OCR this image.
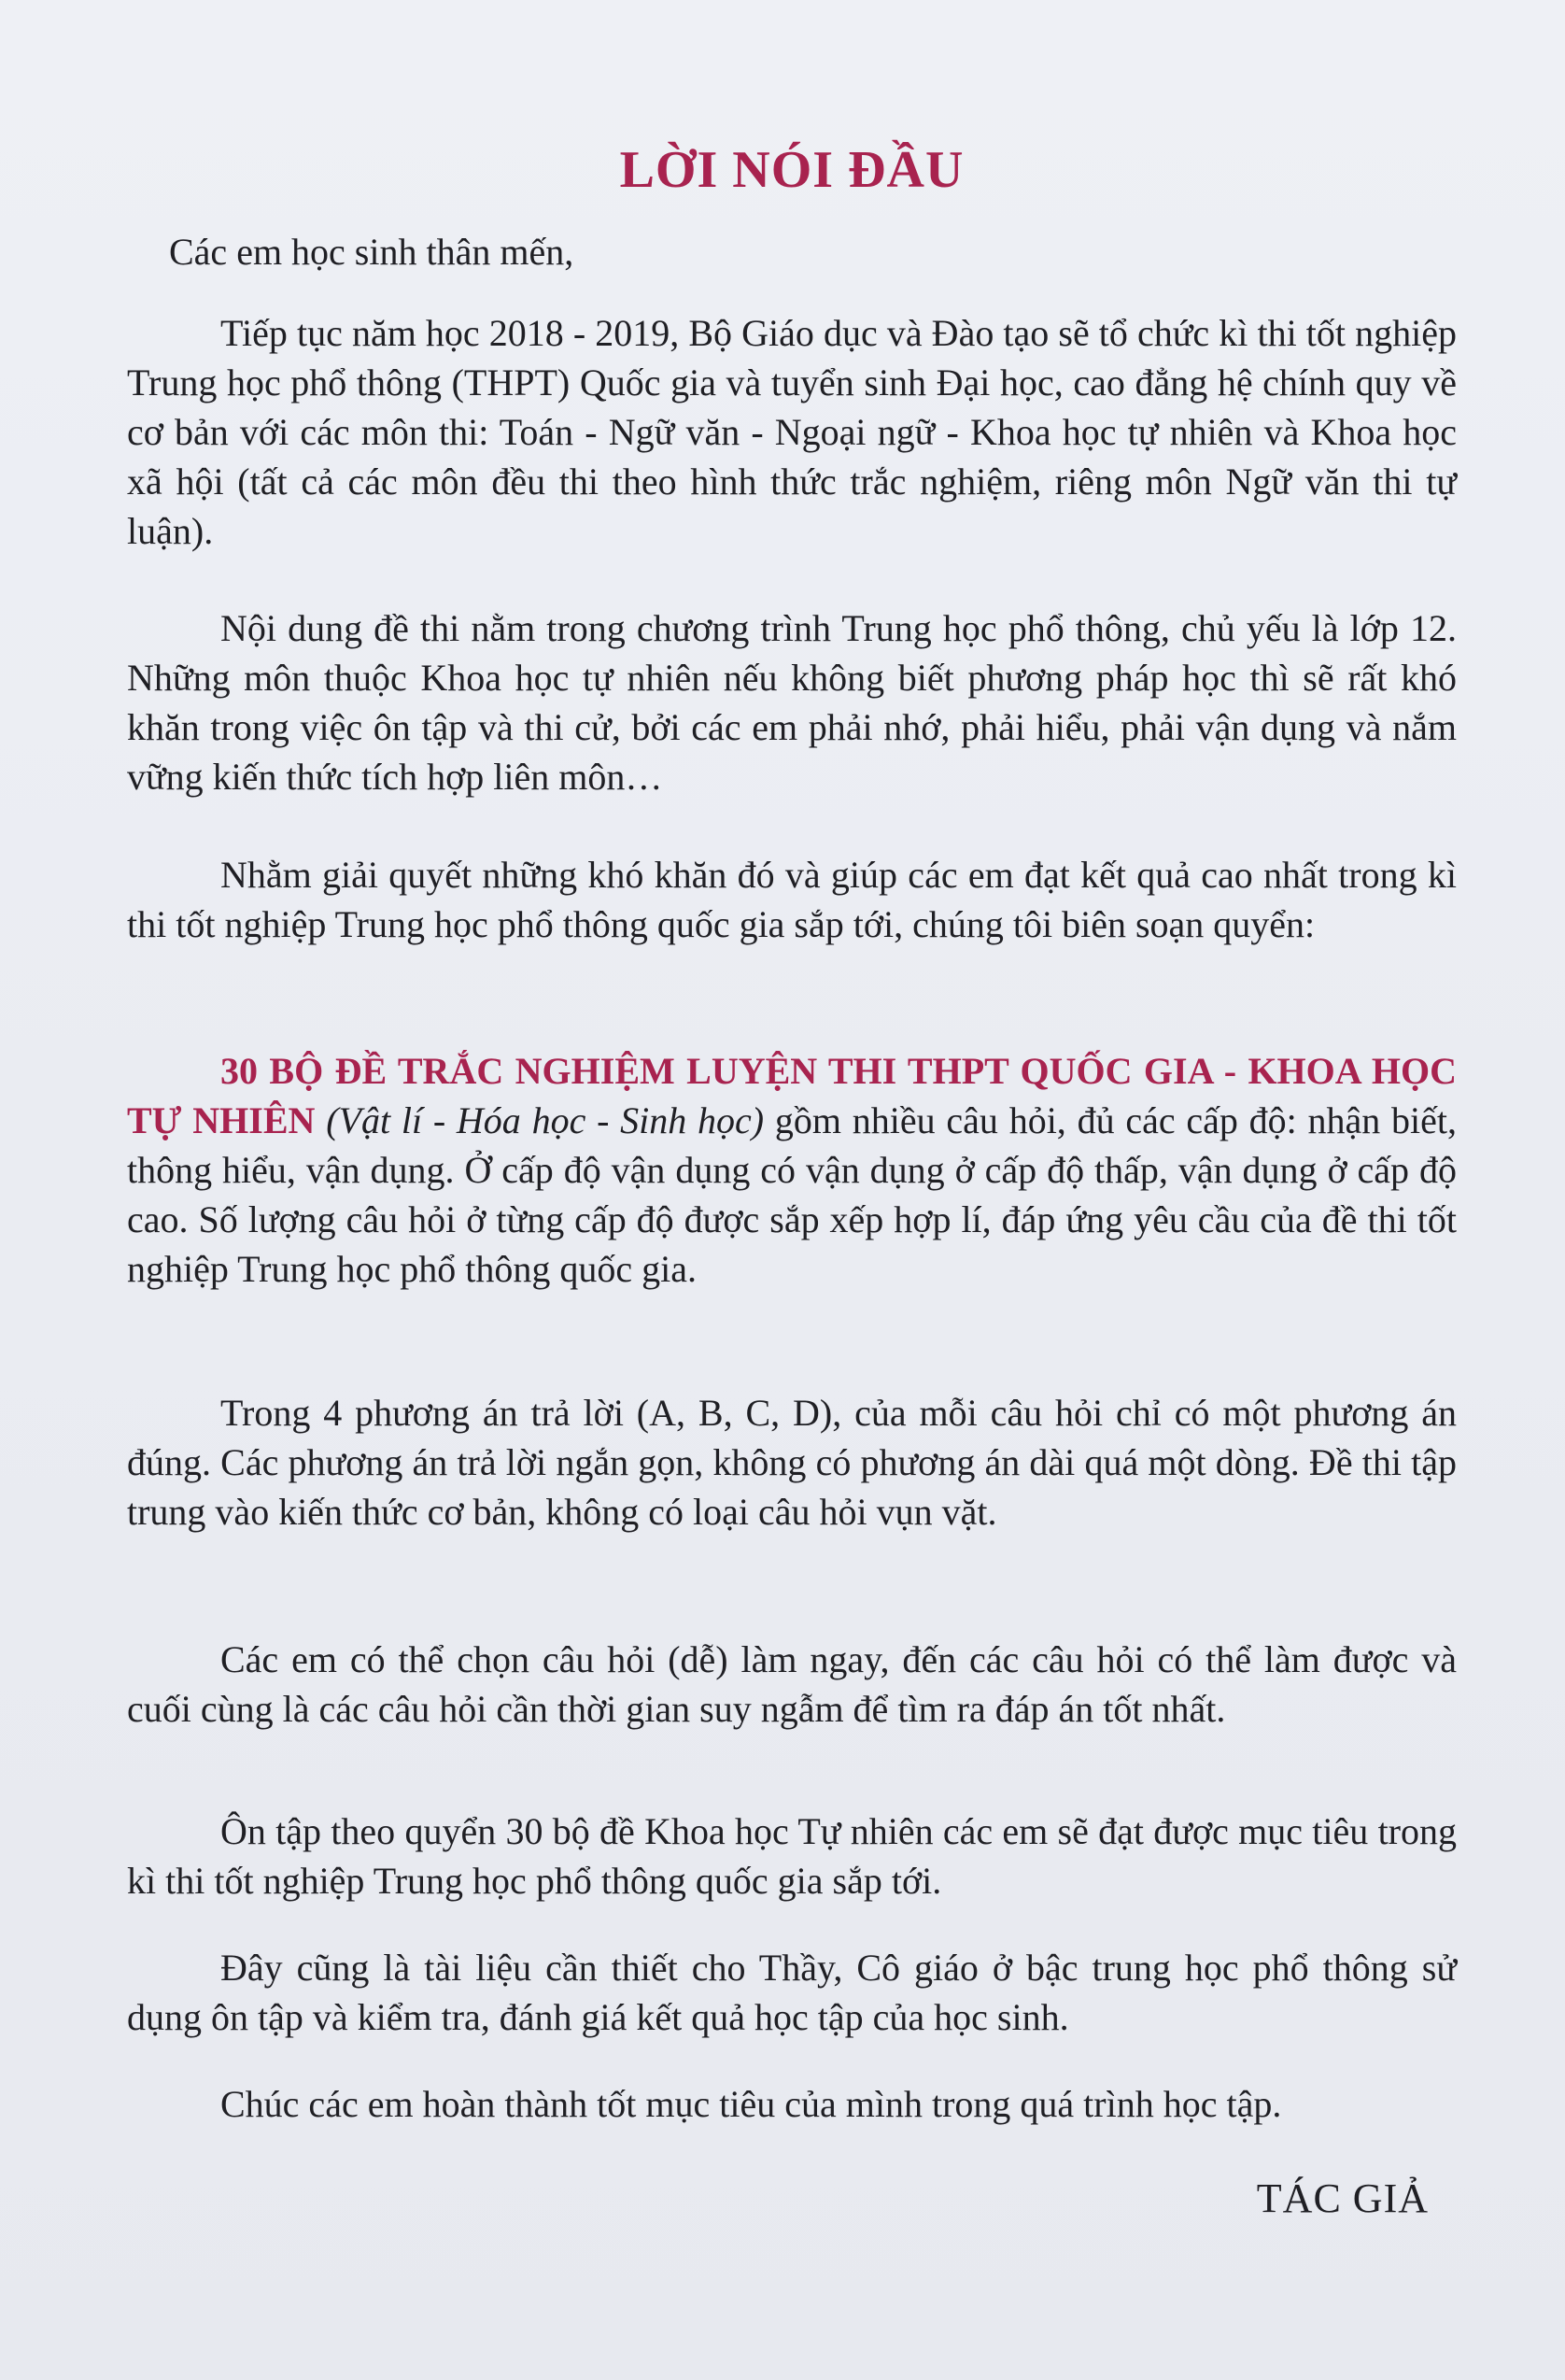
LỜI NÓI ĐẦU

Các em học sinh thân mến,

Tiếp tục năm học 2018 - 2019, Bộ Giáo dục và Đào tạo sẽ tổ chức kì thi tốt nghiệp Trung học phổ thông (THPT) Quốc gia và tuyển sinh Đại học, cao đẳng hệ chính quy về cơ bản với các môn thi: Toán - Ngữ văn - Ngoại ngữ - Khoa học tự nhiên và Khoa học xã hội (tất cả các môn đều thi theo hình thức trắc nghiệm, riêng môn Ngữ văn thi tự luận).

Nội dung đề thi nằm trong chương trình Trung học phổ thông, chủ yếu là lớp 12. Những môn thuộc Khoa học tự nhiên nếu không biết phương pháp học thì sẽ rất khó khăn trong việc ôn tập và thi cử, bởi các em phải nhớ, phải hiểu, phải vận dụng và nắm vững kiến thức tích hợp liên môn…

Nhằm giải quyết những khó khăn đó và giúp các em đạt kết quả cao nhất trong kì thi tốt nghiệp Trung học phổ thông quốc gia sắp tới, chúng tôi biên soạn quyển:

30 BỘ ĐỀ TRẮC NGHIỆM LUYỆN THI THPT QUỐC GIA - KHOA HỌC TỰ NHIÊN (Vật lí - Hóa học - Sinh học) gồm nhiều câu hỏi, đủ các cấp độ: nhận biết, thông hiểu, vận dụng. Ở cấp độ vận dụng có vận dụng ở cấp độ thấp, vận dụng ở cấp độ cao. Số lượng câu hỏi ở từng cấp độ được sắp xếp hợp lí, đáp ứng yêu cầu của đề thi tốt nghiệp Trung học phổ thông quốc gia.

Trong 4 phương án trả lời (A, B, C, D), của mỗi câu hỏi chỉ có một phương án đúng. Các phương án trả lời ngắn gọn, không có phương án dài quá một dòng. Đề thi tập trung vào kiến thức cơ bản, không có loại câu hỏi vụn vặt.

Các em có thể chọn câu hỏi (dễ) làm ngay, đến các câu hỏi có thể làm được và cuối cùng là các câu hỏi cần thời gian suy ngẫm để tìm ra đáp án tốt nhất.

Ôn tập theo quyển 30 bộ đề Khoa học Tự nhiên các em sẽ đạt được mục tiêu trong kì thi tốt nghiệp Trung học phổ thông quốc gia sắp tới.

Đây cũng là tài liệu cần thiết cho Thầy, Cô giáo ở bậc trung học phổ thông sử dụng ôn tập và kiểm tra, đánh giá kết quả học tập của học sinh.

Chúc các em hoàn thành tốt mục tiêu của mình trong quá trình học tập.

TÁC GIẢ
